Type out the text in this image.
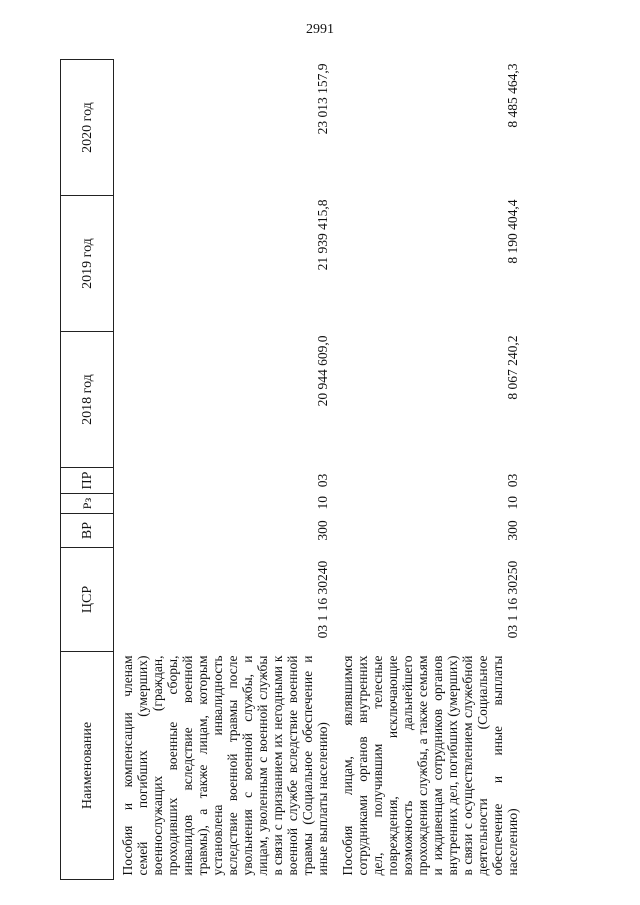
2991
Наименование	ЦСР	ВР	Рз	ПР	2018 год	2019 год	2020 год
Пособия и компенсации членам семей погибших (умерших) военнослужащих (граждан, проходивших военные сборы, инвалидов вследствие военной травмы), а также лицам, которым установлена инвалидность вследствие военной травмы после увольнения с военной службы, и лицам, уволенным с военной службы в связи с признанием их негодными к военной службе вследствие военной травмы (Социальное обеспечение и иные выплаты населению)	03 1 16 30240	300	10	03	20 944 609,0	21 939 415,8	23 013 157,9
Пособия лицам, являвшимся сотрудниками органов внутренних дел, получившим телесные повреждения, исключающие возможность дальнейшего прохождения службы, а также семьям и иждивенцам сотрудников органов внутренних дел, погибших (умерших) в связи с осуществлением служебной деятельности (Социальное обеспечение и иные выплаты населению)	03 1 16 30250	300	10	03	8 067 240,2	8 190 404,4	8 485 464,3
